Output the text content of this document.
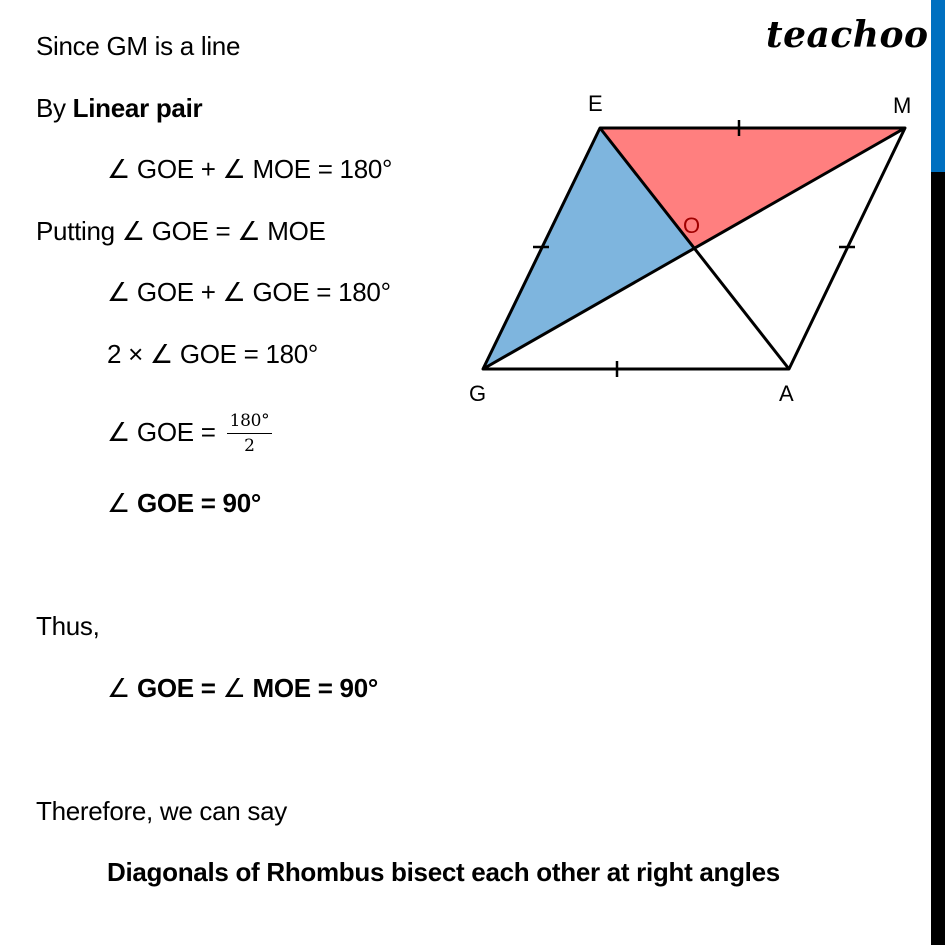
teachoo
Since GM is a line
By Linear pair
∠ GOE + ∠ MOE = 180°
Putting ∠ GOE = ∠ MOE
∠ GOE + ∠ GOE = 180°
2 × ∠ GOE = 180°
∠ GOE = $\frac{180^\circ}{2}$
∠ GOE = 90°
Thus,
∠ GOE = ∠ MOE = 90°
Therefore, we can say
Diagonals of Rhombus bisect each other at right angles
E	M
G	A
O
